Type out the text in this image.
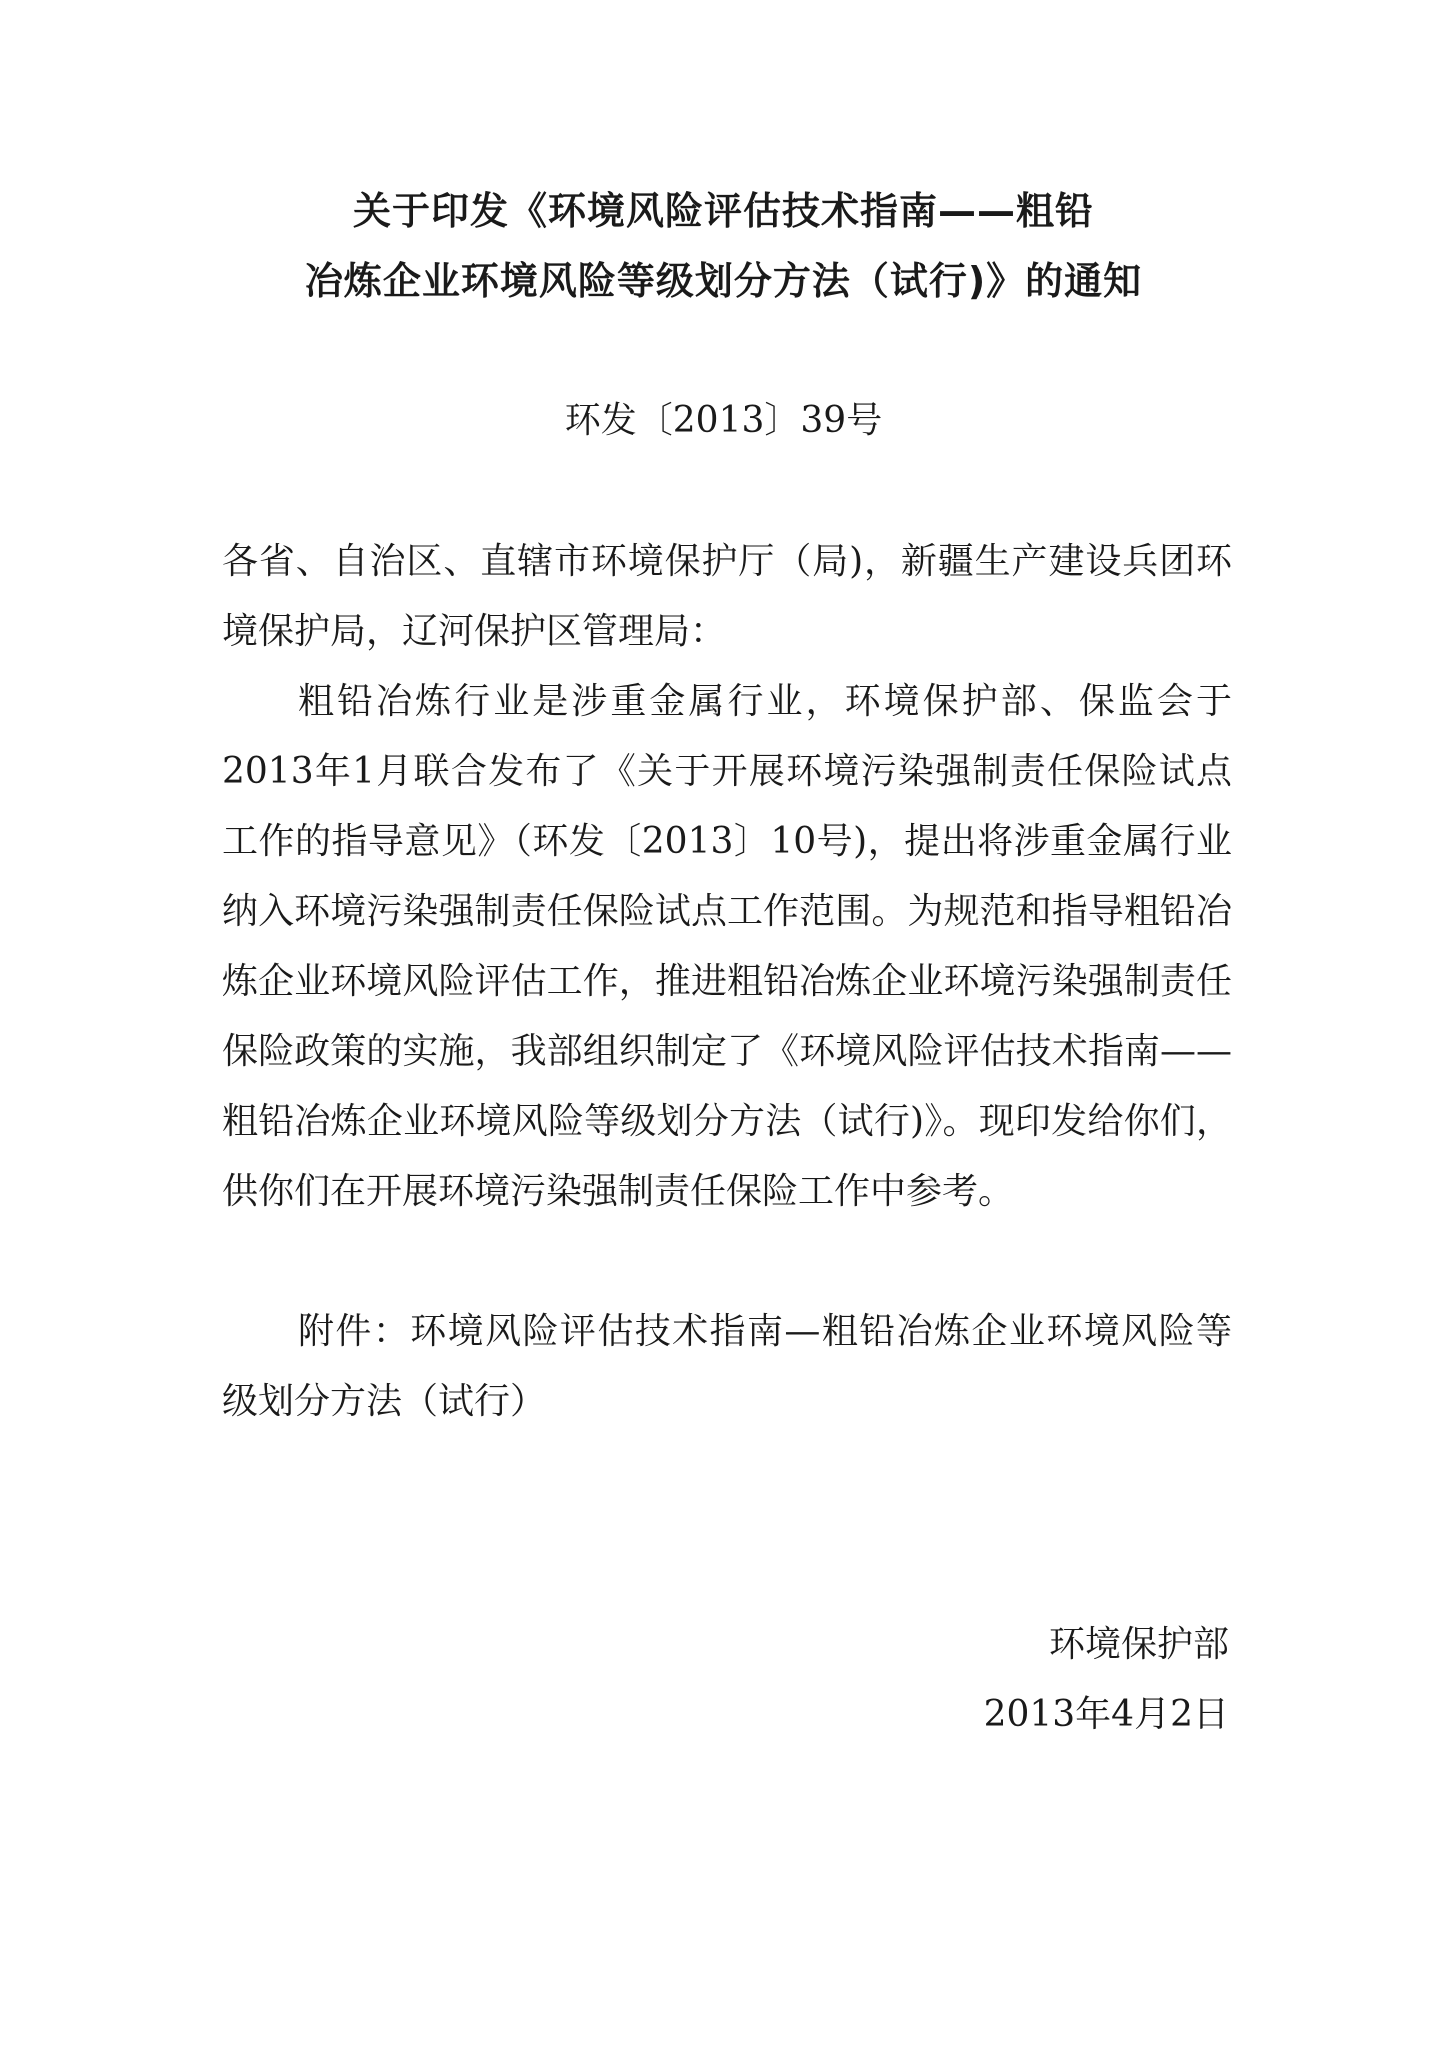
关于印发《环境风险评估技术指南——粗铅
冶炼企业环境风险等级划分方法（试行)》的通知
环发〔2013〕39号
各省、自治区、直辖市环境保护厅（局)，新疆生产建设兵团环境保护局，辽河保护区管理局：
粗铅冶炼行业是涉重金属行业，环境保护部、保监会于2013年1月联合发布了《关于开展环境污染强制责任保险试点工作的指导意见》（环发〔2013〕10号)，提出将涉重金属行业纳入环境污染强制责任保险试点工作范围。为规范和指导粗铅冶炼企业环境风险评估工作，推进粗铅冶炼企业环境污染强制责任保险政策的实施，我部组织制定了《环境风险评估技术指南——粗铅冶炼企业环境风险等级划分方法（试行)》。现印发给你们，供你们在开展环境污染强制责任保险工作中参考。
附件：环境风险评估技术指南—粗铅冶炼企业环境风险等级划分方法（试行）
环境保护部
2013年4月2日
